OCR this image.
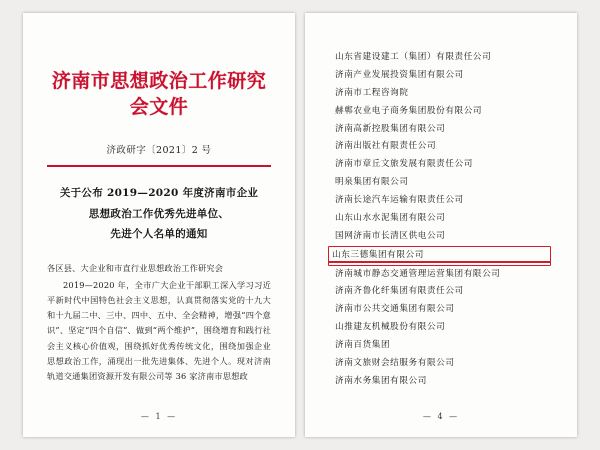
济南市思想政治工作研究会文件
济政研字〔2021〕2 号
关于公布 2019—2020 年度济南市企业
思想政治工作优秀先进单位、
先进个人名单的通知

各区县、大企业和市直行业思想政治工作研究会

2019—2020 年，全市广大企业干部职工深入学习习近平新时代中国特色社会主义思想，认真贯彻落实党的十九大和十九届二中、三中、四中、五中、全会精神，增强“四个意识”、坚定“四个自信”、做到“两个维护”，围绕增育和践行社会主义核心价值观，围绕抓好优秀传统文化，围绕加强企业思想政治工作，涌现出一批先进集体、先进个人。现对济南轨道交通集团资源开发有限公司等 36 家济南市思想政

— 1 —
山东省建设建工（集团）有限责任公司
济南产业发展投资集团有限公司
济南市工程咨询院
赫郸农业电子商务集团股份有限公司
济南高新控股集团有限公司
济南出版社有限责任公司
济南市章丘文旅发展有限责任公司
明泉集团有限公司
济南长途汽车运输有限责任公司
山东山水水泥集团有限公司
国网济南市长清区供电公司
山东三德集团有限公司
济南城市静态交通管理运营集团有限公司
济南齐鲁化纤集团有限责任公司
济南市公共交通集团有限公司
山推建友机械股份有限公司
济南百货集团
济南文旅财会结服务有限公司
济南水务集团有限公司
— 4 —
